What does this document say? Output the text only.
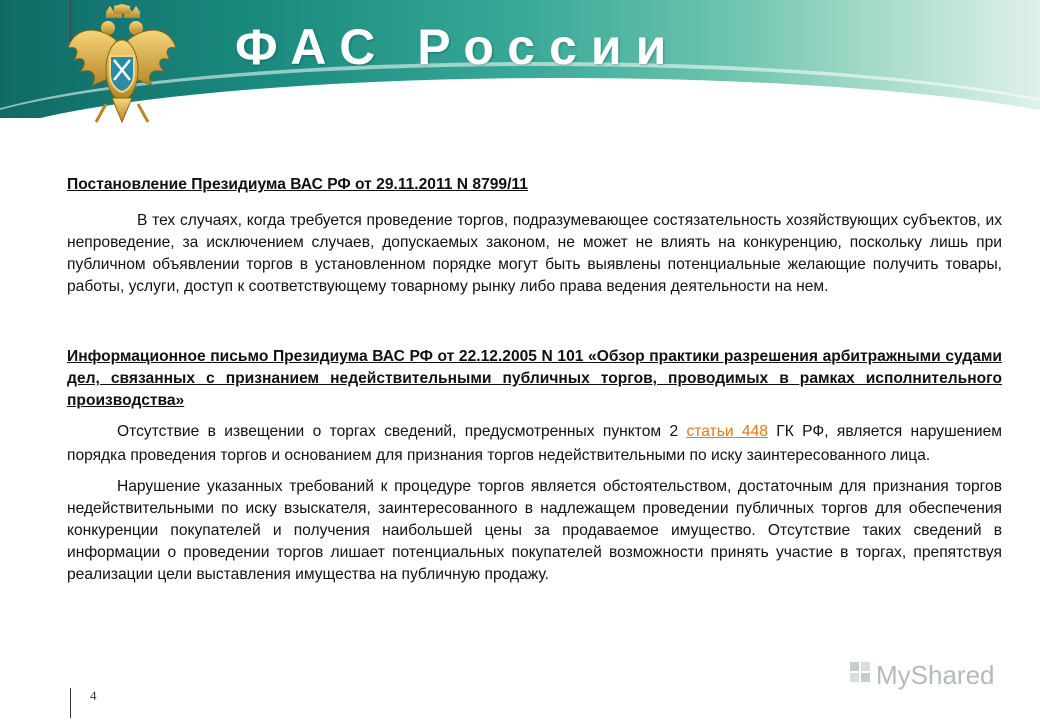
ФАС России

Постановление Президиума ВАС РФ от 29.11.2011 N 8799/11

В тех случаях, когда требуется проведение торгов, подразумевающее состязательность хозяйствующих субъектов, их непроведение, за исключением случаев, допускаемых законом, не может не влиять на конкуренцию, поскольку лишь при публичном объявлении торгов в установленном порядке могут быть выявлены потенциальные желающие получить товары, работы, услуги, доступ к соответствующему товарному рынку либо права ведения деятельности на нем.

Информационное письмо Президиума ВАС РФ от 22.12.2005 N 101 «Обзор практики разрешения арбитражными судами дел, связанных с признанием недействительными публичных торгов, проводимых в рамках исполнительного производства»

Отсутствие в извещении о торгах сведений, предусмотренных пунктом 2 статьи 448 ГК РФ, является нарушением порядка проведения торгов и основанием для признания торгов недействительными по иску заинтересованного лица.

Нарушение указанных требований к процедуре торгов является обстоятельством, достаточным для признания торгов недействительными по иску взыскателя, заинтересованного в надлежащем проведении публичных торгов для обеспечения конкуренции покупателей и получения наибольшей цены за продаваемое имущество. Отсутствие таких сведений в информации о проведении торгов лишает потенциальных покупателей возможности принять участие в торгах, препятствуя реализации цели выставления имущества на публичную продажу.

4
MyShared
